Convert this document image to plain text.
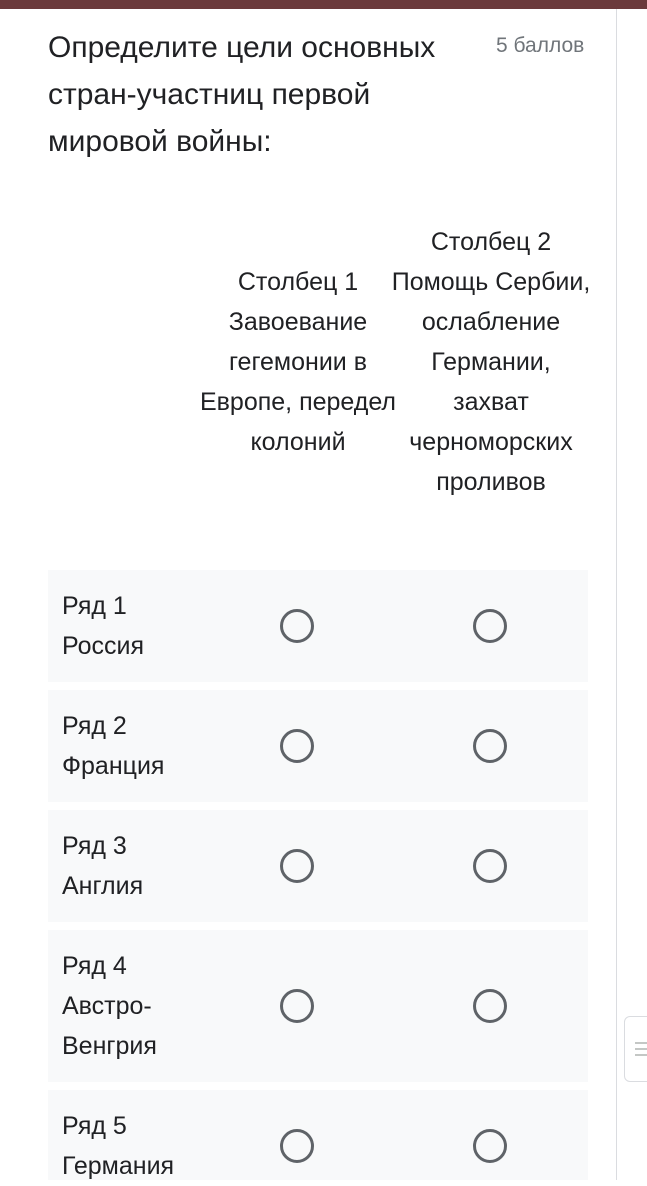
Определите цели основных стран-участниц первой мировой войны:
5 баллов
Столбец 1
Завоевание гегемонии в Европе, передел колоний
Столбец 2
Помощь Сербии, ослабление Германии, захват черноморских проливов
Ряд 1
Россия
Ряд 2
Франция
Ряд 3
Англия
Ряд 4
Австро-Венгрия
Ряд 5
Германия
